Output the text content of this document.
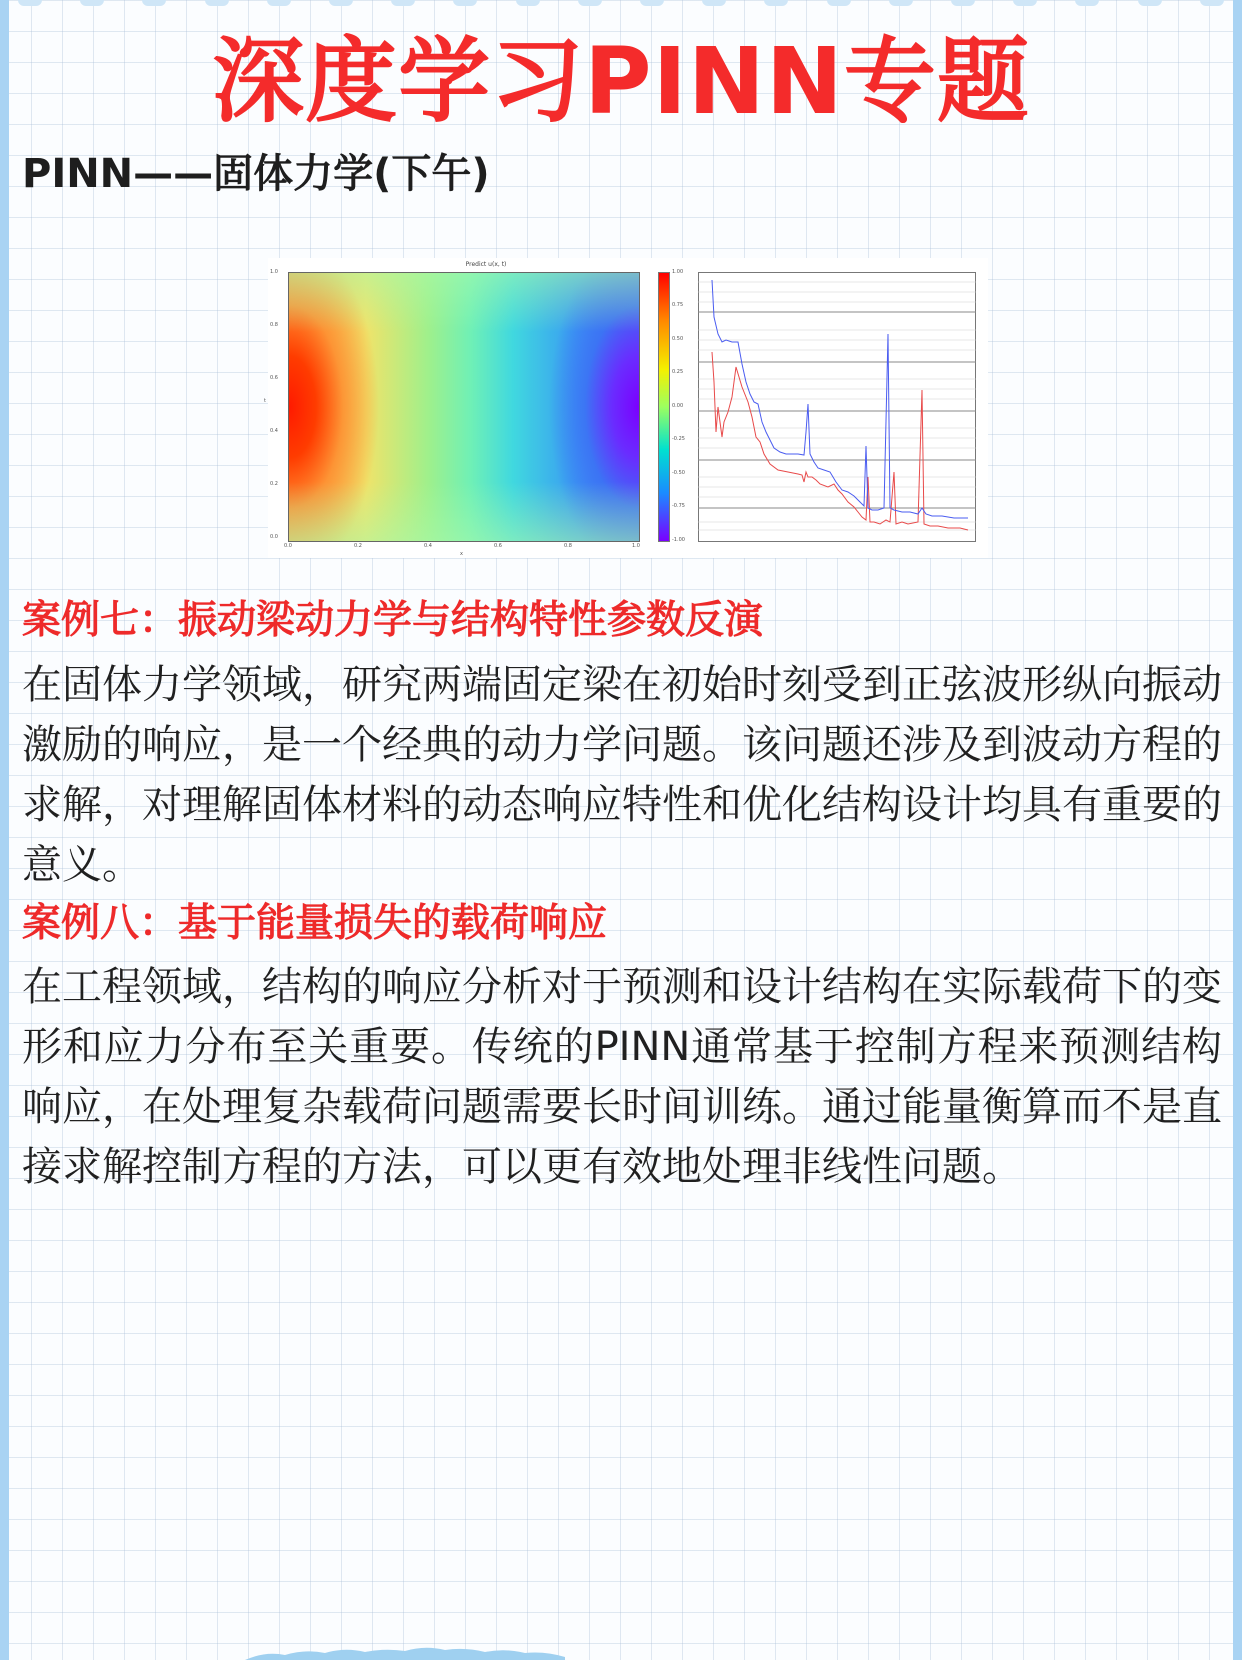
深度学习PINN专题
PINN——固体力学(下午)
Predict u(x, t)
1.0
0.8
0.6
0.4
0.2
0.0
t
0.0	0.2	0.4	0.6	0.8	1.0
x
1.00
0.75
0.50
0.25
0.00
-0.25
-0.50
-0.75
-1.00
案例七：振动梁动力学与结构特性参数反演

在固体力学领域，研究两端固定梁在初始时刻受到正弦波形纵向振动激励的响应，是一个经典的动力学问题。该问题还涉及到波动方程的求解，对理解固体材料的动态响应特性和优化结构设计均具有重要的意义。

案例八：基于能量损失的载荷响应

在工程领域，结构的响应分析对于预测和设计结构在实际载荷下的变形和应力分布至关重要。传统的PINN通常基于控制方程来预测结构响应，在处理复杂载荷问题需要长时间训练。通过能量衡算而不是直接求解控制方程的方法，可以更有效地处理非线性问题。
